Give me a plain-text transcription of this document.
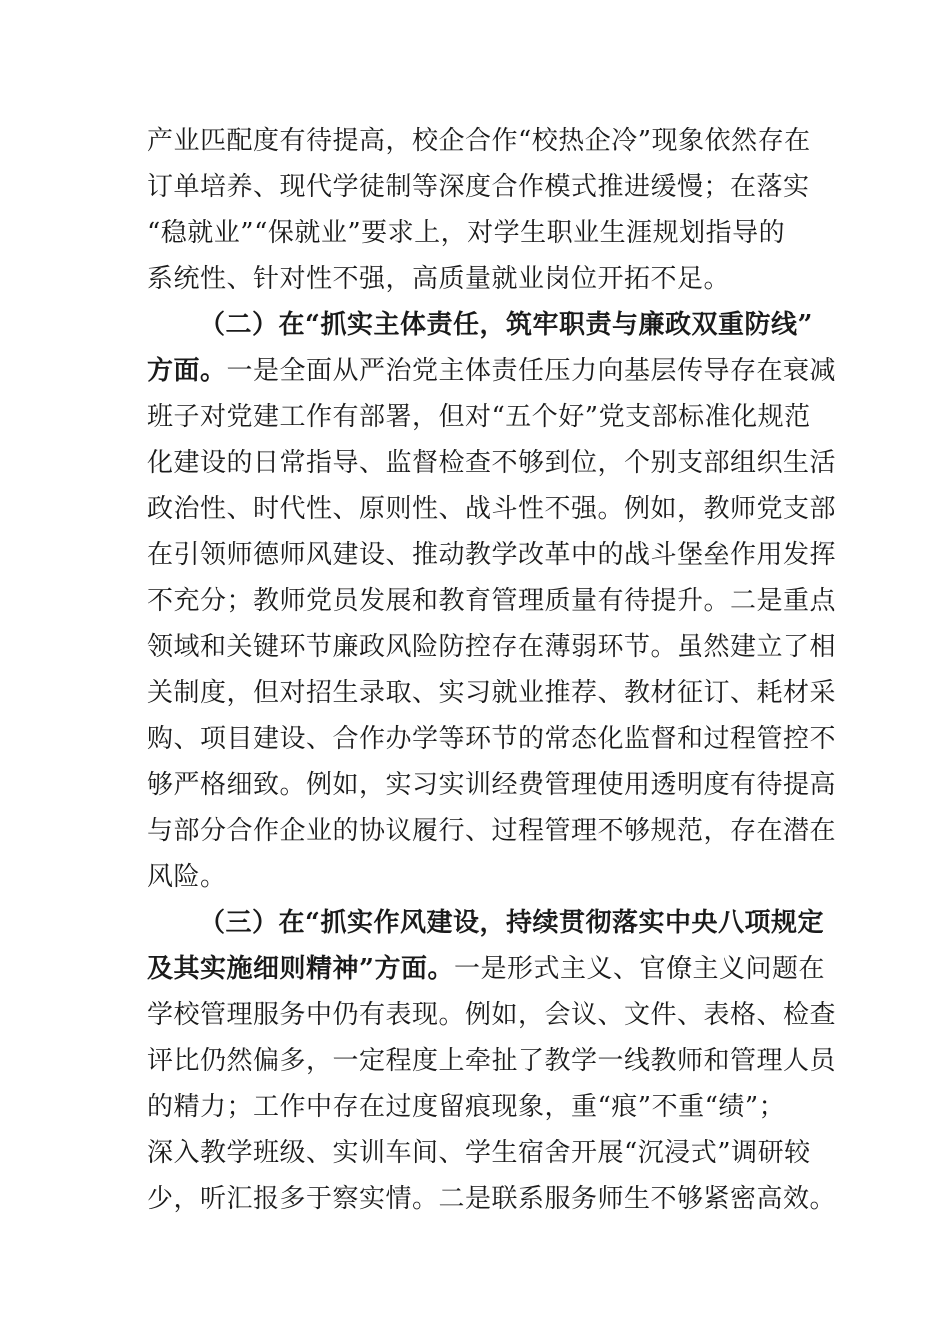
产业匹配度有待提高，校企合作“校热企冷”现象依然存在
订单培养、现代学徒制等深度合作模式推进缓慢；在落实
“稳就业”“保就业”要求上，对学生职业生涯规划指导的
系统性、针对性不强，高质量就业岗位开拓不足。
（二）在“抓实主体责任，筑牢职责与廉政双重防线”
方面。一是全面从严治党主体责任压力向基层传导存在衰减
班子对党建工作有部署，但对“五个好”党支部标准化规范
化建设的日常指导、监督检查不够到位，个别支部组织生活
政治性、时代性、原则性、战斗性不强。例如，教师党支部
在引领师德师风建设、推动教学改革中的战斗堡垒作用发挥
不充分；教师党员发展和教育管理质量有待提升。二是重点
领域和关键环节廉政风险防控存在薄弱环节。虽然建立了相
关制度，但对招生录取、实习就业推荐、教材征订、耗材采
购、项目建设、合作办学等环节的常态化监督和过程管控不
够严格细致。例如，实习实训经费管理使用透明度有待提高
与部分合作企业的协议履行、过程管理不够规范，存在潜在
风险。
（三）在“抓实作风建设，持续贯彻落实中央八项规定
及其实施细则精神”方面。一是形式主义、官僚主义问题在
学校管理服务中仍有表现。例如，会议、文件、表格、检查
评比仍然偏多，一定程度上牵扯了教学一线教师和管理人员
的精力；工作中存在过度留痕现象，重“痕”不重“绩”；
深入教学班级、实训车间、学生宿舍开展“沉浸式”调研较
少，听汇报多于察实情。二是联系服务师生不够紧密高效。
